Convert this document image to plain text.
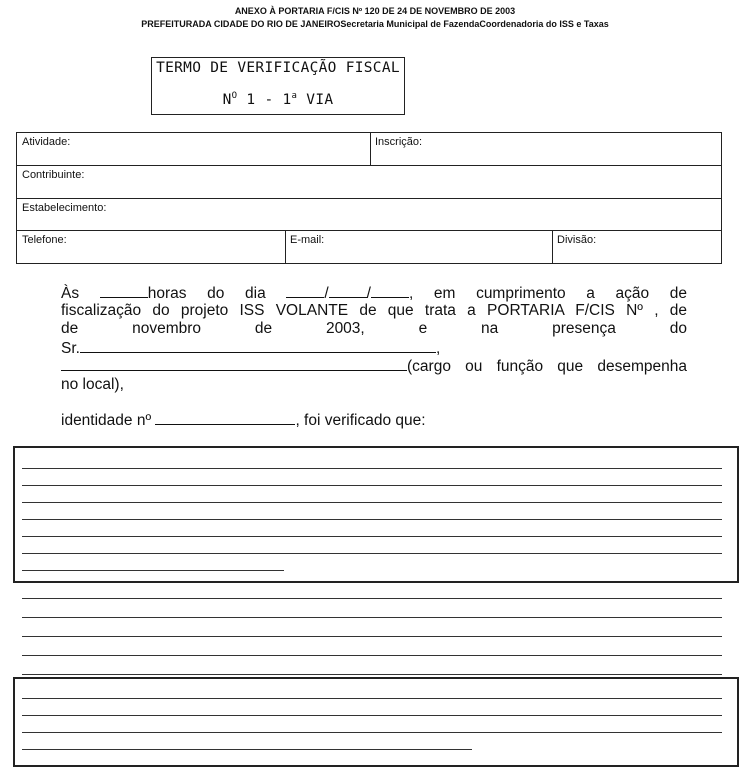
ANEXO À PORTARIA F/CIS Nº 120 DE 24 DE NOVEMBRO DE 2003
PREFEITURADA CIDADE DO RIO DE JANEIROSecretaria Municipal de FazendaCoordenadoria do ISS e Taxas
TERMO DE VERIFICAÇÃO FISCAL
$N^O$ 1 - 1$^a$ VIA
Atividade:	Inscrição:
Contribuinte:
Estabelecimento:
Telefone:	E-mail:	Divisão:
Às	horas do dia	/ / , em cumprimento a ação de
fiscalização do projeto ISS VOLANTE de que trata a PORTARIA F/CIS Nº , de
de novembro de 2003, e na presença do
Sr.	,
(cargo ou função que desempenha
no local),
identidade nº	, foi verificado que:
